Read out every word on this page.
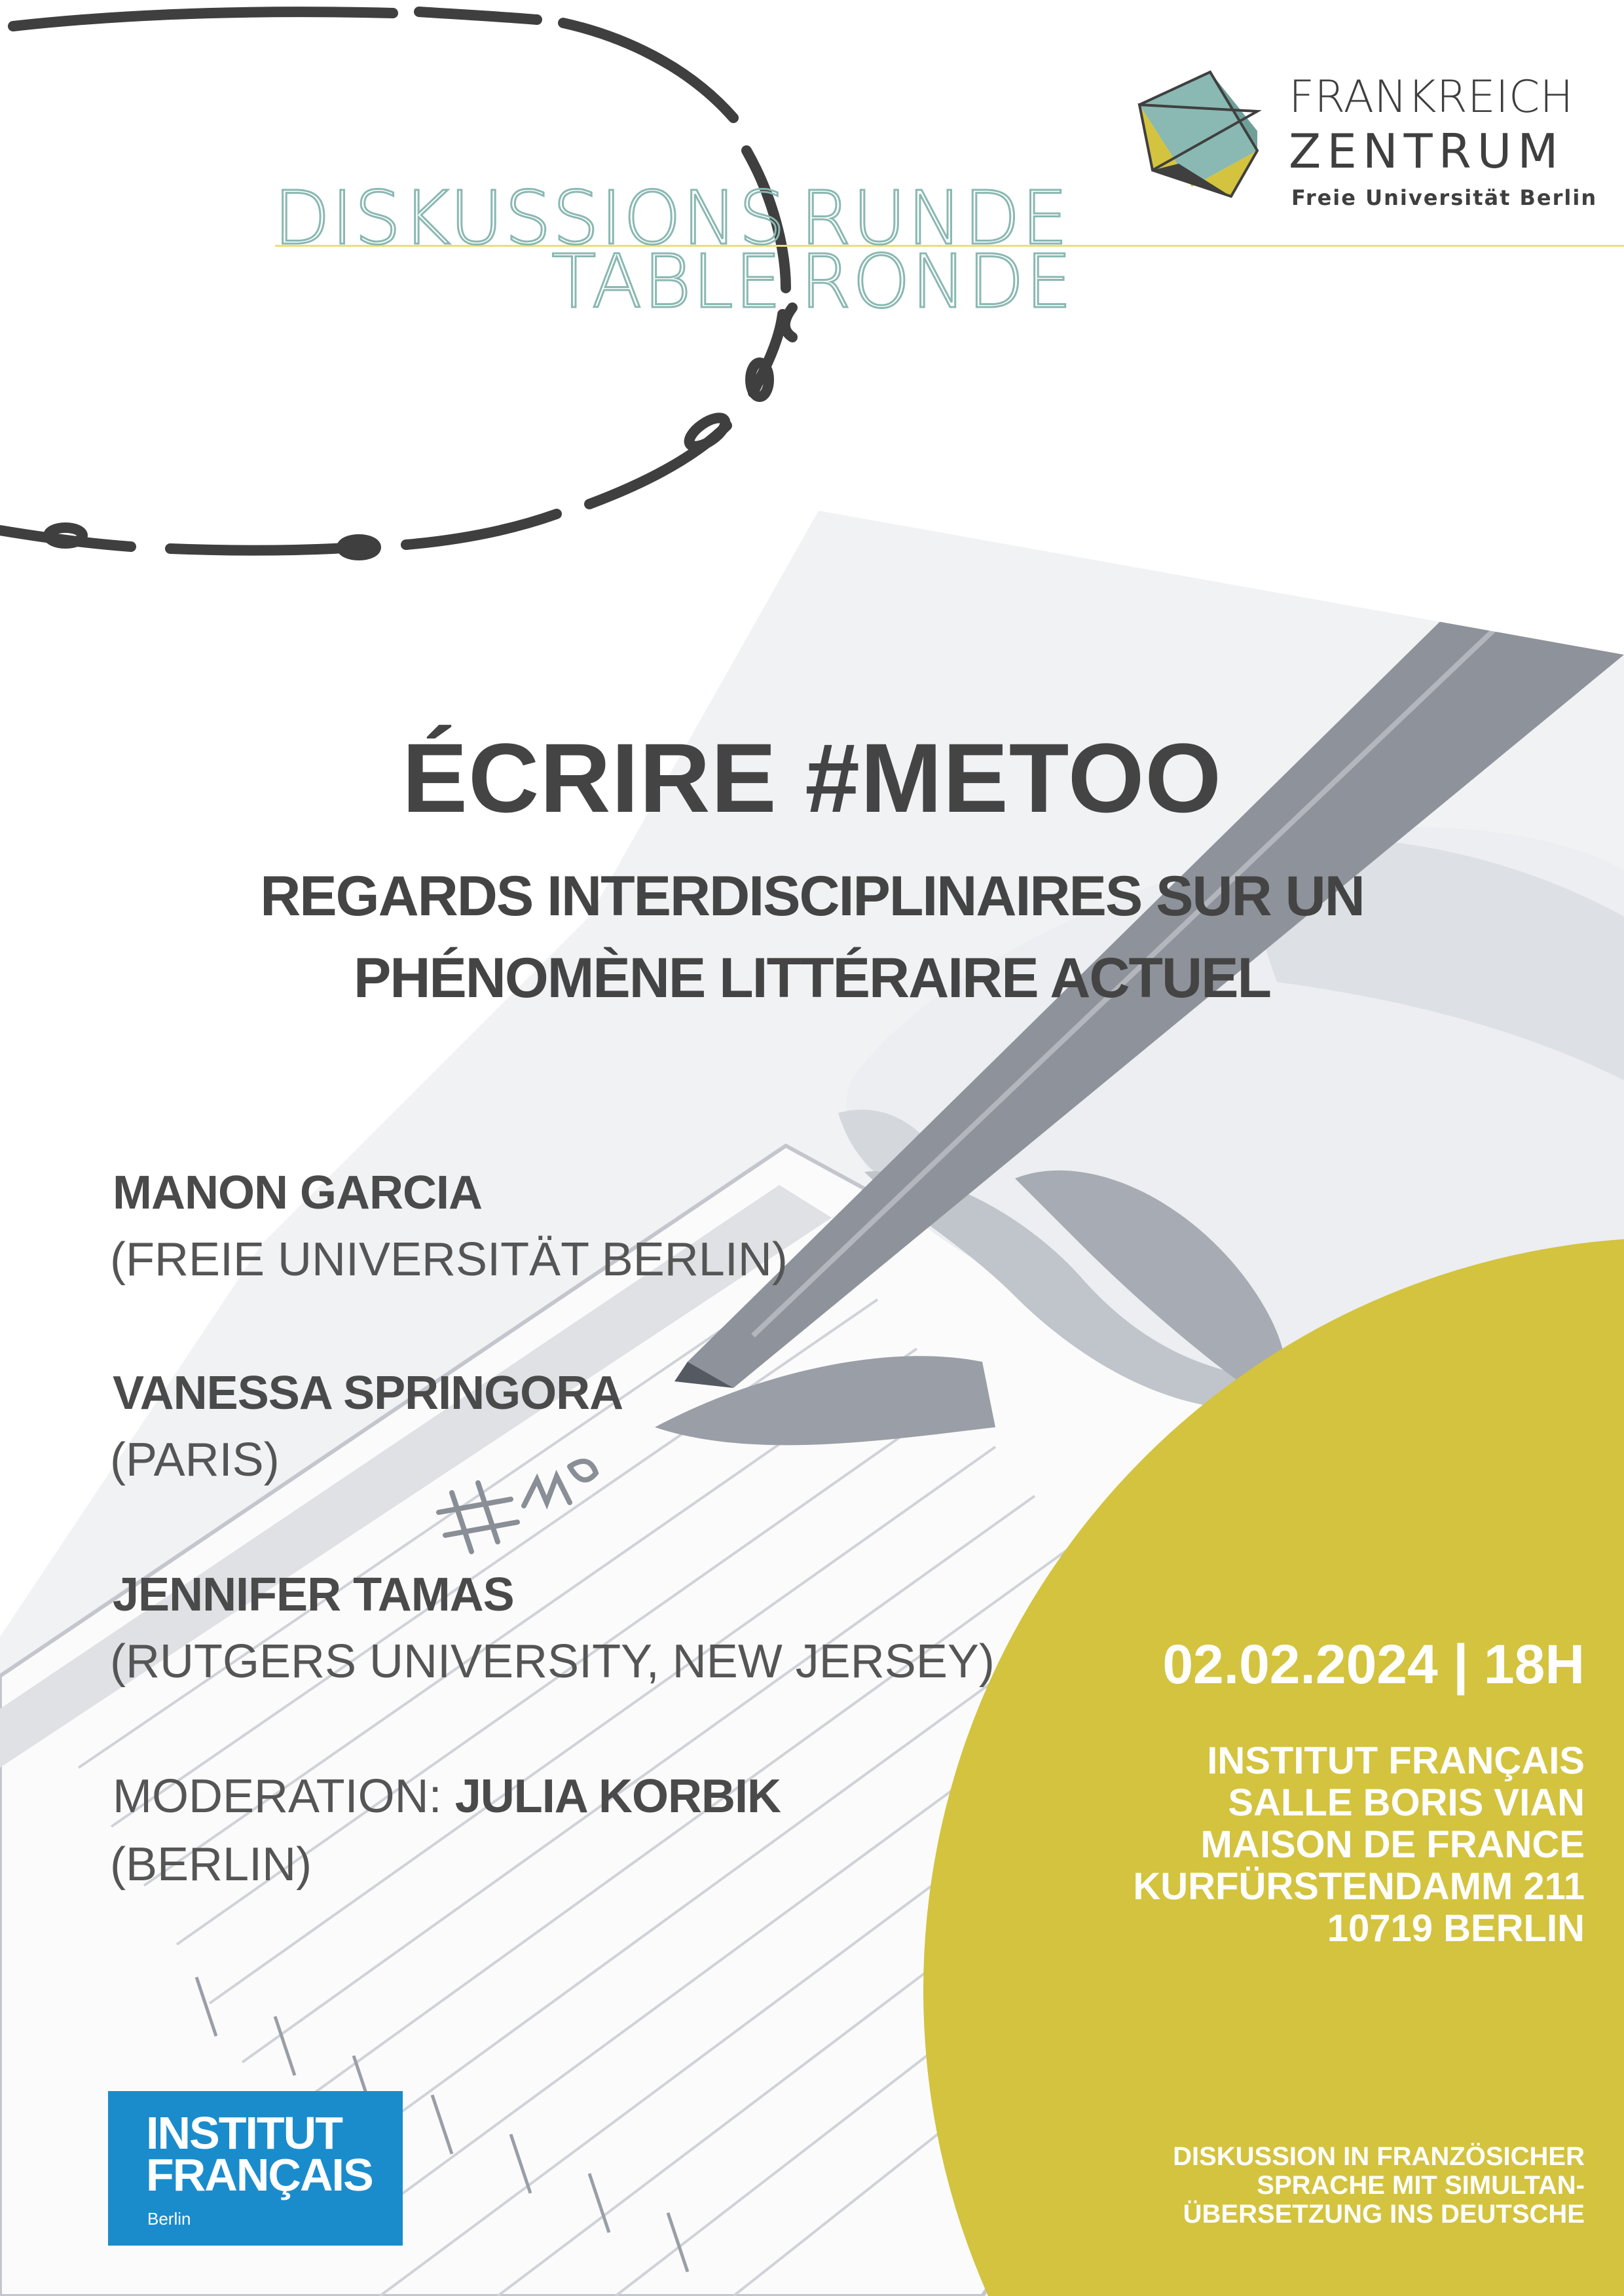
DISKUSSIONS RUNDE
TABLE RONDE
FRANKREICH
ZENTRUM
Freie Universität Berlin
ÉCRIRE #METOO
REGARDS INTERDISCIPLINAIRES SUR UN
PHÉNOMÈNE LITTÉRAIRE ACTUEL
MANON GARCIA
(FREIE UNIVERSITÄT BERLIN)
VANESSA SPRINGORA
(PARIS)
JENNIFER TAMAS
(RUTGERS UNIVERSITY, NEW JERSEY)
MODERATION: JULIA KORBIK
(BERLIN)
02.02.2024 | 18H
INSTITUT FRANÇAIS
SALLE BORIS VIAN
MAISON DE FRANCE
KURFÜRSTENDAMM 211
10719 BERLIN
DISKUSSION IN FRANZÖSICHER
SPRACHE MIT SIMULTAN-
ÜBERSETZUNG INS DEUTSCHE
INSTITUT
FRANÇAIS
Berlin
